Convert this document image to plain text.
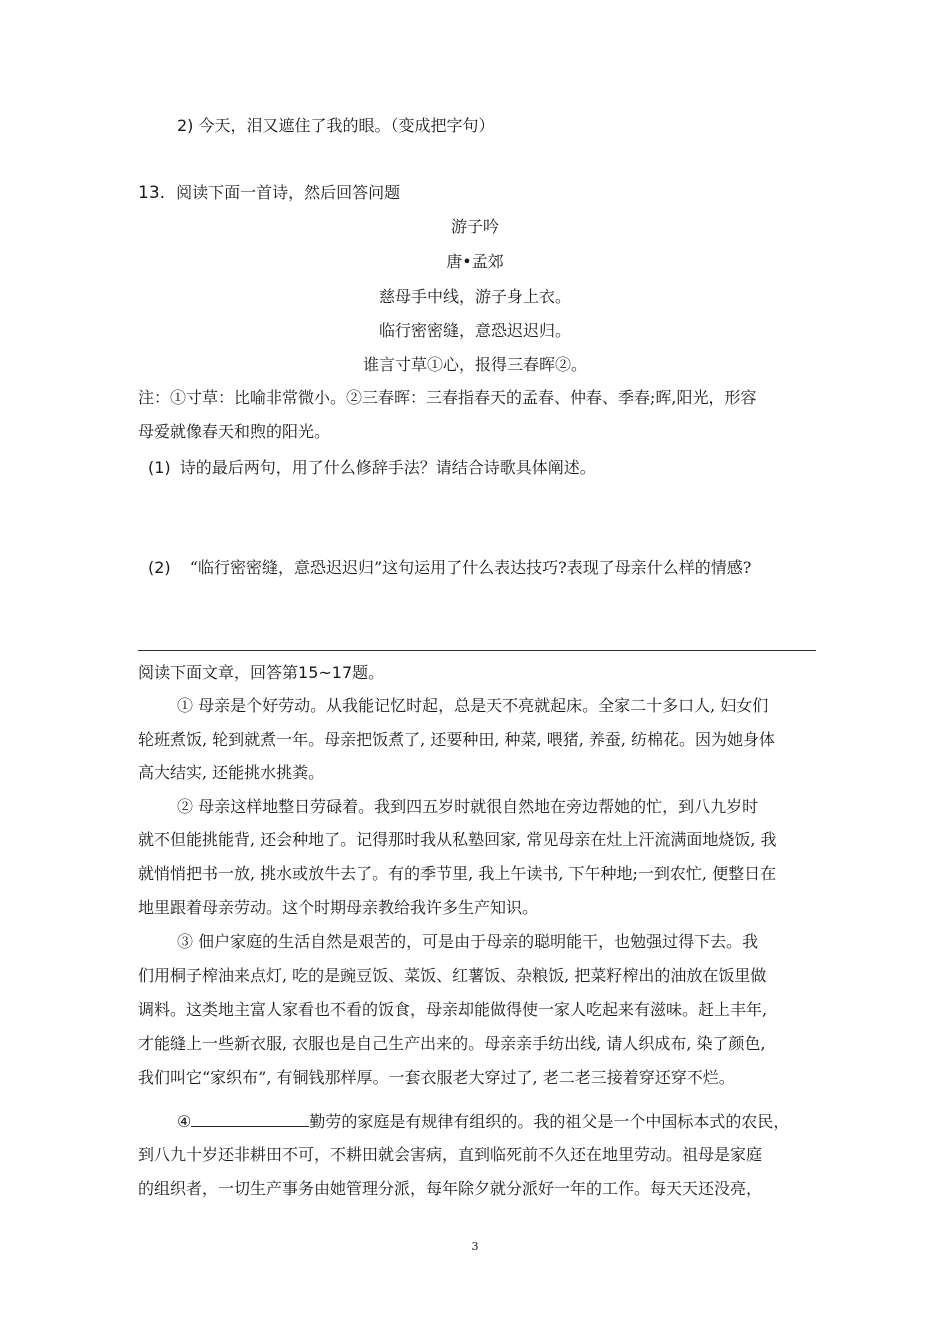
2) 今天，泪又遮住了我的眼。（变成把字句）
13. 阅读下面一首诗，然后回答问题
游子吟
唐•孟郊
慈母手中线，游子身上衣。
临行密密缝，意恐迟迟归。
谁言寸草①心，报得三春晖②。
注：①寸草：比喻非常微小。②三春晖：三春指春天的孟春、仲春、季春;晖,阳光，形容
母爱就像春天和煦的阳光。
(1) 诗的最后两句，用了什么修辞手法？请结合诗歌具体阐述。
(2) “临行密密缝，意恐迟迟归”这句运用了什么表达技巧?表现了母亲什么样的情感?
阅读下面文章，回答第15~17题。
① 母亲是个好劳动。从我能记忆时起，总是天不亮就起床。全家二十多口人, 妇女们
轮班煮饭, 轮到就煮一年。母亲把饭煮了, 还要种田, 种菜, 喂猪, 养蚕, 纺棉花。因为她身体
高大结实, 还能挑水挑粪。
② 母亲这样地整日劳碌着。我到四五岁时就很自然地在旁边帮她的忙，到八九岁时
就不但能挑能背, 还会种地了。记得那时我从私塾回家, 常见母亲在灶上汗流满面地烧饭, 我
就悄悄把书一放, 挑水或放牛去了。有的季节里, 我上午读书, 下午种地;一到农忙, 便整日在
地里跟着母亲劳动。这个时期母亲教给我许多生产知识。
③ 佃户家庭的生活自然是艰苦的，可是由于母亲的聪明能干，也勉强过得下去。我
们用桐子榨油来点灯, 吃的是豌豆饭、菜饭、红薯饭、杂粮饭, 把菜籽榨出的油放在饭里做
调料。这类地主富人家看也不看的饭食，母亲却能做得使一家人吃起来有滋味。赶上丰年,
才能缝上一些新衣服, 衣服也是自己生产出来的。母亲亲手纺出线, 请人织成布, 染了颜色,
我们叫它“家织布”, 有铜钱那样厚。一套衣服老大穿过了, 老二老三接着穿还穿不烂。
④	勤劳的家庭是有规律有组织的。我的祖父是一个中国标本式的农民，
到八九十岁还非耕田不可，不耕田就会害病，直到临死前不久还在地里劳动。祖母是家庭
的组织者，一切生产事务由她管理分派，每年除夕就分派好一年的工作。每天天还没亮，
3
